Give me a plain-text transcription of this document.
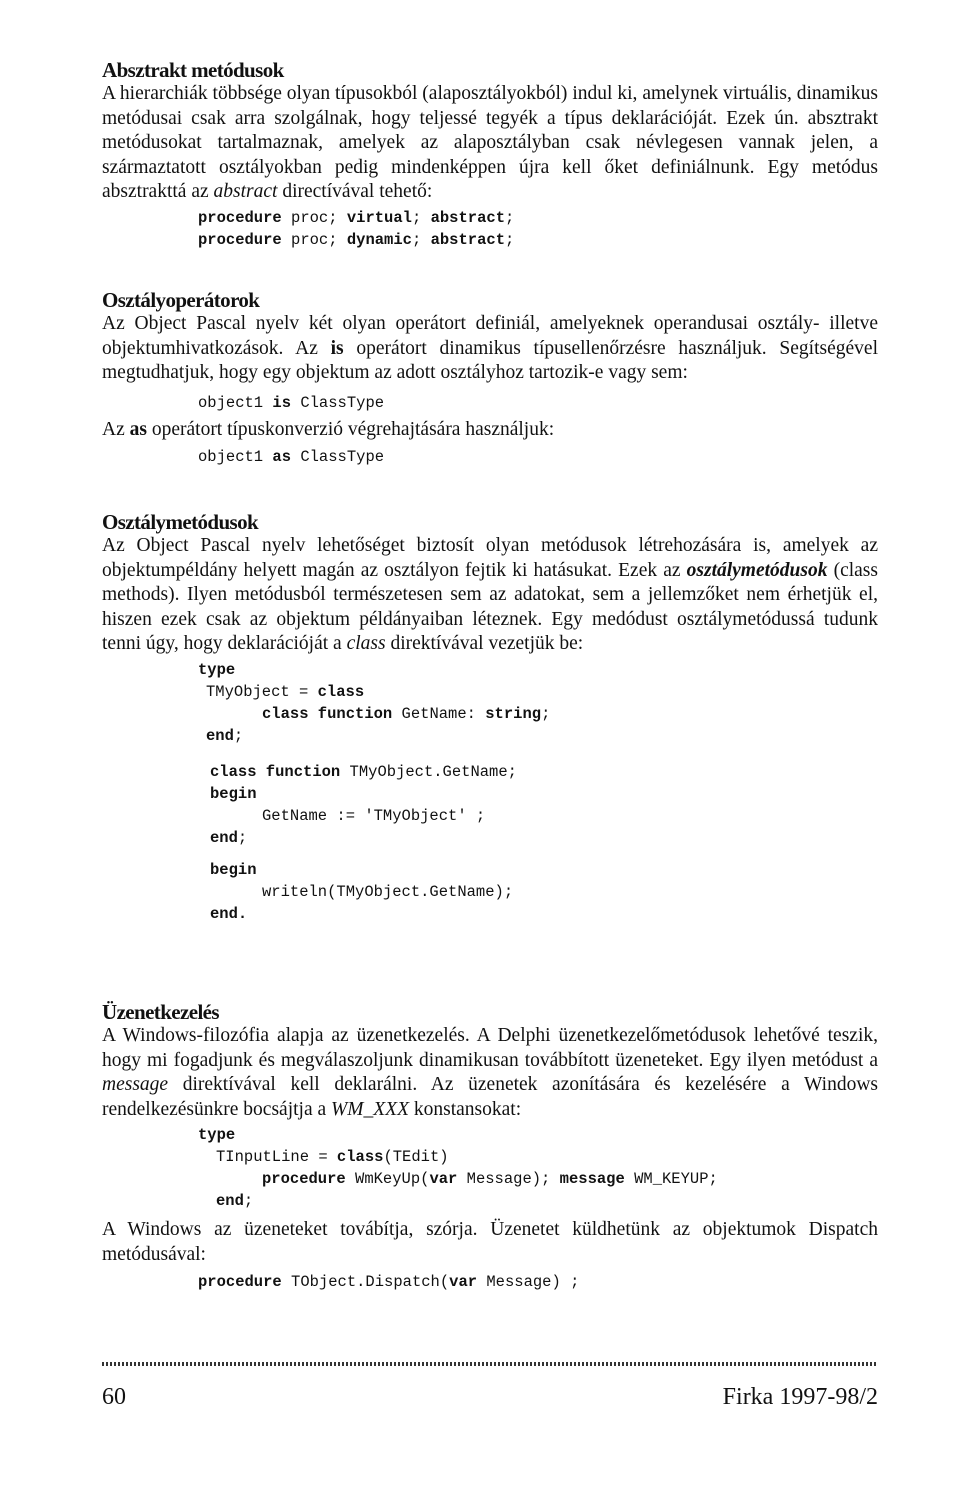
Absztrakt metódusok

A hierarchiák többsége olyan típusokból (alaposztályokból) indul ki, amelynek virtuális, dinamikus metódusai csak arra szolgálnak, hogy teljessé tegyék a típus deklarációját. Ezek ún. absztrakt metódusokat tartalmaznak, amelyek az alaposztályban csak névlegesen vannak jelen, a származtatott osztályokban pedig mindenképpen újra kell őket definiálnunk. Egy metódus absztrakttá az abstract directívával tehető:

procedure proc; virtual; abstract;
procedure proc; dynamic; abstract;
Osztályoperátorok

Az Object Pascal nyelv két olyan operátort definiál, amelyeknek operandusai osztály- illetve objektumhivatkozások. Az is operátort dinamikus típusellenőrzésre használjuk. Segítségével megtudhatjuk, hogy egy objektum az adott osztályhoz tartozik-e vagy sem:

object1 is ClassType

Az as operátort típuskonverzió végrehajtására használjuk:

object1 as ClassType
Osztálymetódusok

Az Object Pascal nyelv lehetőséget biztosít olyan metódusok létrehozására is, amelyek az objektumpéldány helyett magán az osztályon fejtik ki hatásukat. Ezek az osztálymetódusok (class methods). Ilyen metódusból természetesen sem az adatokat, sem a jellemzőket nem érhetjük el, hiszen ezek csak az objektum példányaiban léteznek. Egy medódust osztálymetódussá tudunk tenni úgy, hogy deklarációját a class direktívával vezetjük be:

type
TMyObject = class
class function GetName: string;
end;
class function TMyObject.GetName;
begin
GetName := 'TMyObject' ;
end;
begin
writeln(TMyObject.GetName);
end.
Üzenetkezelés

A Windows-filozófia alapja az üzenetkezelés. A Delphi üzenetkezelőmetódusok lehetővé teszik, hogy mi fogadjunk és megválaszoljunk dinamikusan továbbított üzeneteket. Egy ilyen metódust a message direktívával kell deklarálni. Az üzenetek azonítására és kezelésére a Windows rendelkezésünkre bocsájtja a WM_XXX konstansokat:

type
TInputLine = class(TEdit)
procedure WmKeyUp(var Message); message WM_KEYUP;
end;

A Windows az üzeneteket továbítja, szórja. Üzenetet küldhetünk az objektumok Dispatch metódusával:

procedure TObject.Dispatch(var Message) ;
60	Firka 1997-98/2
